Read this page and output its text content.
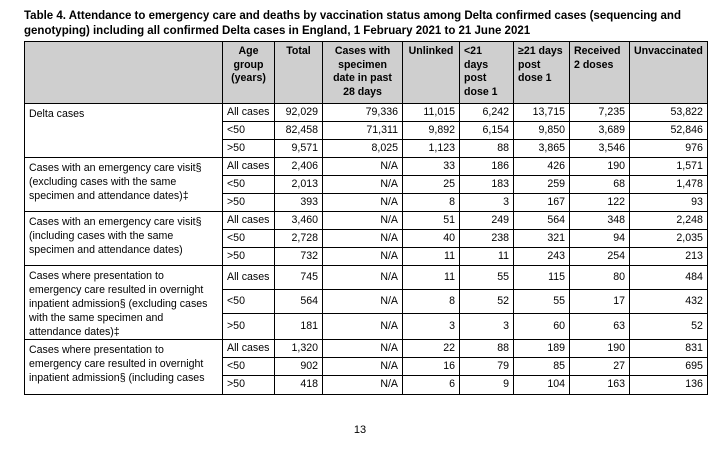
Table 4. Attendance to emergency care and deaths by vaccination status among Delta confirmed cases (sequencing and genotyping) including all confirmed Delta cases in England, 1 February 2021 to 21 June 2021
	Age group (years)	Total	Cases with specimen date in past 28 days	Unlinked	<21 days post dose 1	≥21 days post dose 1	Received 2 doses	Unvaccinated
Delta cases	All cases	92,029	79,336	11,015	6,242	13,715	7,235	53,822
	<50	82,458	71,311	9,892	6,154	9,850	3,689	52,846
	>50	9,571	8,025	1,123	88	3,865	3,546	976
Cases with an emergency care visit§ (excluding cases with the same specimen and attendance dates)‡	All cases	2,406	N/A	33	186	426	190	1,571
	<50	2,013	N/A	25	183	259	68	1,478
	>50	393	N/A	8	3	167	122	93
Cases with an emergency care visit§ (including cases with the same specimen and attendance dates)	All cases	3,460	N/A	51	249	564	348	2,248
	<50	2,728	N/A	40	238	321	94	2,035
	>50	732	N/A	11	11	243	254	213
Cases where presentation to emergency care resulted in overnight inpatient admission§ (excluding cases with the same specimen and attendance dates)‡	All cases	745	N/A	11	55	115	80	484
	<50	564	N/A	8	52	55	17	432
	>50	181	N/A	3	3	60	63	52
Cases where presentation to emergency care resulted in overnight inpatient admission§ (including cases	All cases	1,320	N/A	22	88	189	190	831
	<50	902	N/A	16	79	85	27	695
	>50	418	N/A	6	9	104	163	136
13
